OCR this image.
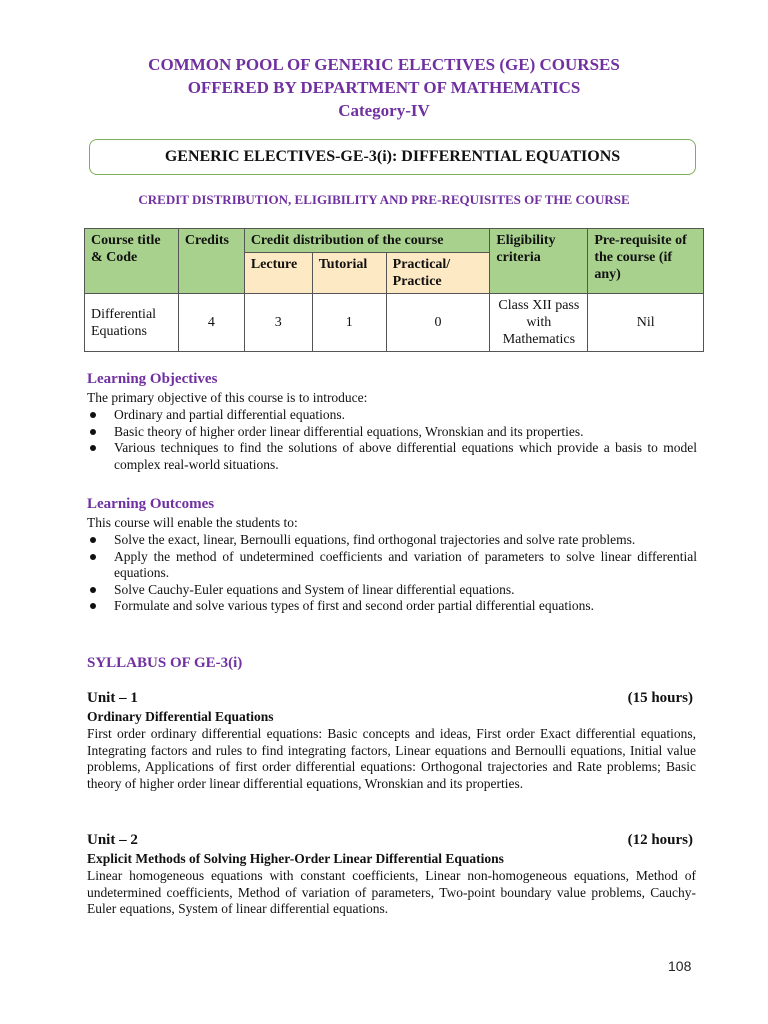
COMMON POOL OF GENERIC ELECTIVES (GE) COURSES
OFFERED BY DEPARTMENT OF MATHEMATICS
Category-IV
GENERIC ELECTIVES-GE-3(i): DIFFERENTIAL EQUATIONS
CREDIT DISTRIBUTION, ELIGIBILITY AND PRE-REQUISITES OF THE COURSE
Course title & Code	Credits	Credit distribution of the course			Eligibility criteria	Pre-requisite of the course (if any)
		Lecture	Tutorial	Practical/ Practice		
Differential Equations	4	3	1	0	Class XII pass with Mathematics	Nil
Learning Objectives
The primary objective of this course is to introduce:
Ordinary and partial differential equations.
Basic theory of higher order linear differential equations, Wronskian and its properties.
Various techniques to find the solutions of above differential equations which provide a basis to model complex real-world situations.
Learning Outcomes
This course will enable the students to:
Solve the exact, linear, Bernoulli equations, find orthogonal trajectories and solve rate problems.
Apply the method of undetermined coefficients and variation of parameters to solve linear differential equations.
Solve Cauchy-Euler equations and System of linear differential equations.
Formulate and solve various types of first and second order partial differential equations.
SYLLABUS OF GE-3(i)
Unit – 1	(15 hours)
Ordinary Differential Equations
First order ordinary differential equations: Basic concepts and ideas, First order Exact differential equations, Integrating factors and rules to find integrating factors, Linear equations and Bernoulli equations, Initial value problems, Applications of first order differential equations: Orthogonal trajectories and Rate problems; Basic theory of higher order linear differential equations, Wronskian and its properties.
Unit – 2	(12 hours)
Explicit Methods of Solving Higher-Order Linear Differential Equations
Linear homogeneous equations with constant coefficients, Linear non-homogeneous equations, Method of undetermined coefficients, Method of variation of parameters, Two-point boundary value problems, Cauchy-Euler equations, System of linear differential equations.
108
